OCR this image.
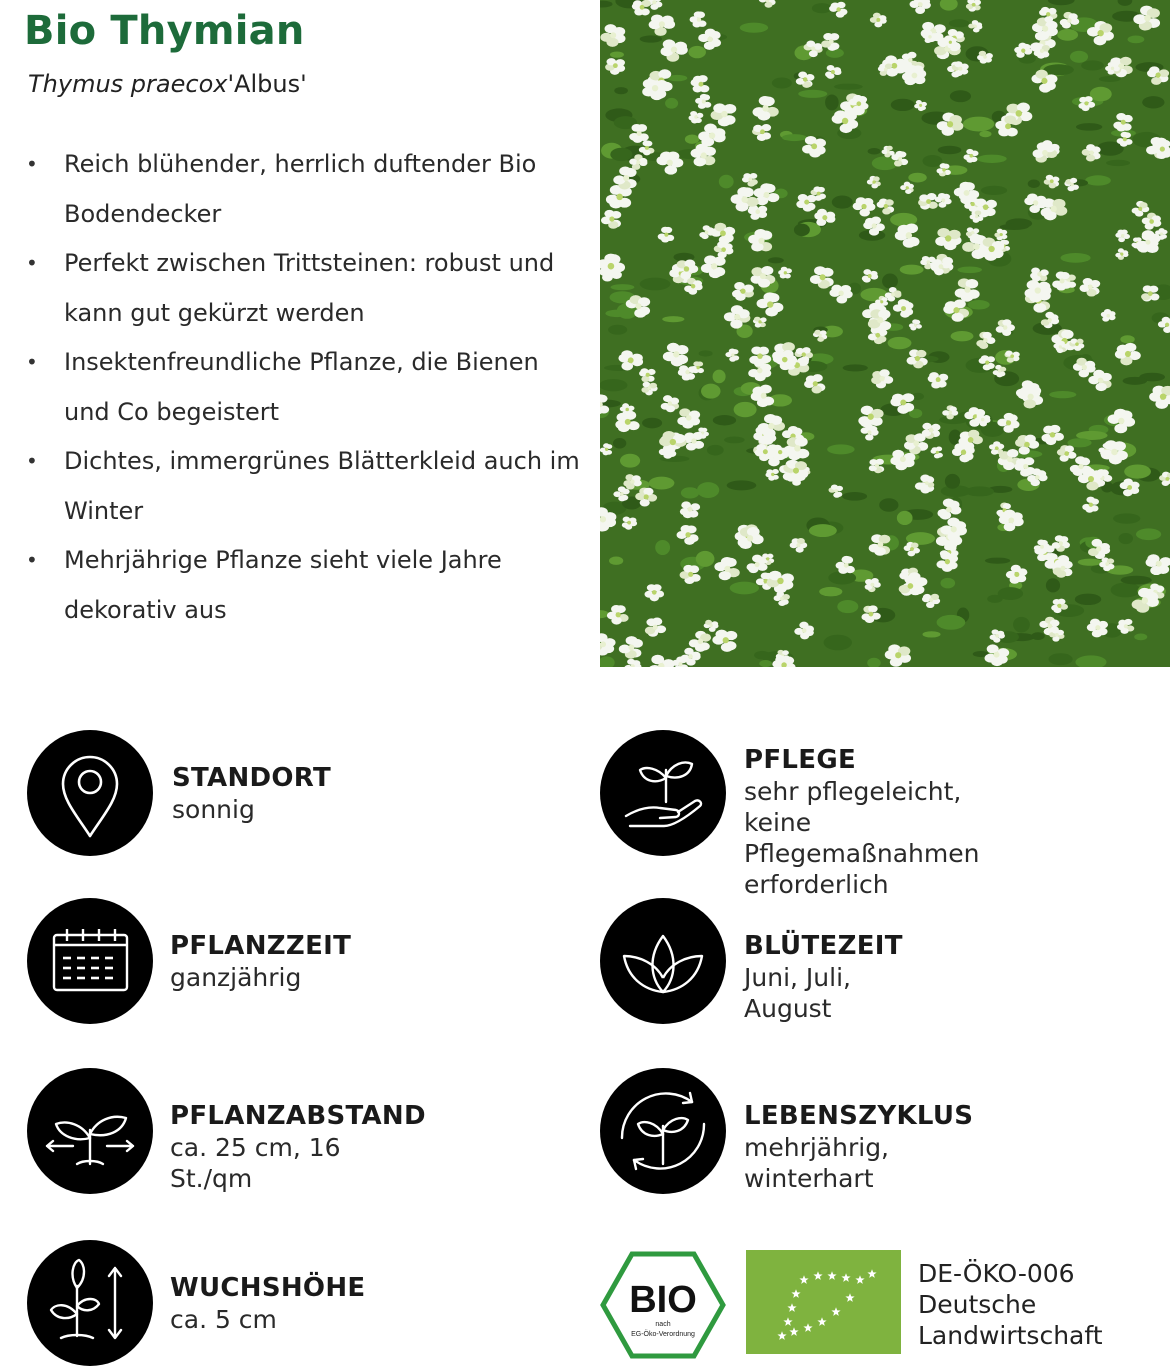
Bio Thymian
Thymus praecox'Albus'
• Reich blühender, herrlich duftender Bio Bodendecker
• Perfekt zwischen Trittsteinen: robust und kann gut gekürzt werden
• Insektenfreundliche Pflanze, die Bienen und Co begeistert
• Dichtes, immergrünes Blätterkleid auch im Winter
• Mehrjährige Pflanze sieht viele Jahre dekorativ aus
STANDORT
sonnig
PFLANZZEIT
ganzjährig
PFLANZABSTAND
ca. 25 cm, 16 St./qm
WUCHSHÖHE
ca. 5 cm
PFLEGE
sehr pflegeleicht, keine
Pflegemaßnahmen erforderlich
BLÜTEZEIT
Juni, Juli, August
LEBENSZYKLUS
mehrjährig, winterhart
BIO
nach
EG-Öko-Verordnung
DE-ÖKO-006
Deutsche
Landwirtschaft
